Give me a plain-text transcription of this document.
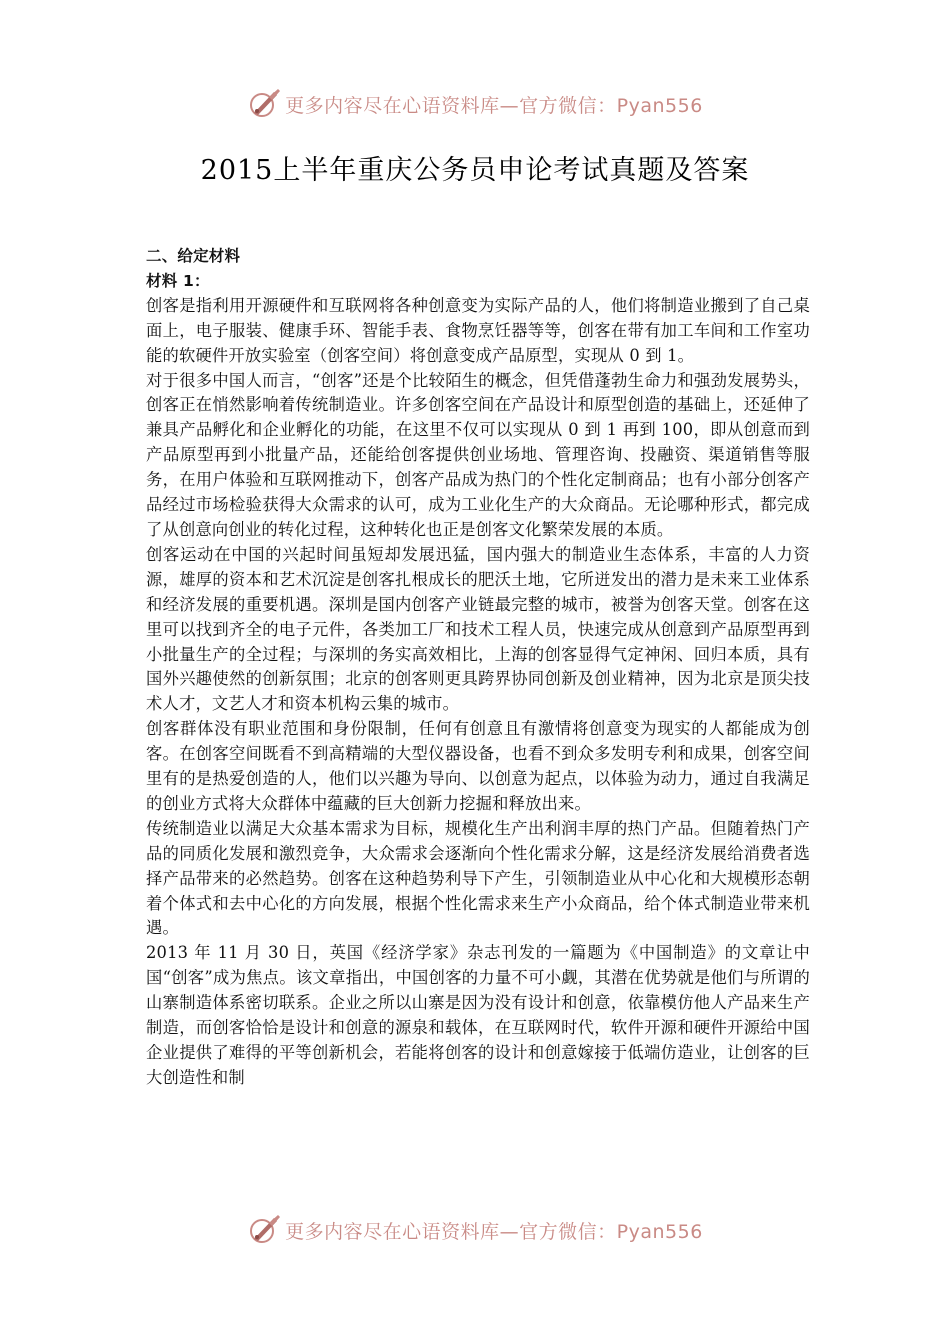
更多内容尽在心语资料库—官方微信：Pyan556
2015上半年重庆公务员申论考试真题及答案

二、给定材料

材料 1：

创客是指利用开源硬件和互联网将各种创意变为实际产品的人，他们将制造业搬到了自己桌面上，电子服装、健康手环、智能手表、食物烹饪器等等，创客在带有加工车间和工作室功能的软硬件开放实验室（创客空间）将创意变成产品原型，实现从 0 到 1。

对于很多中国人而言，“创客”还是个比较陌生的概念，但凭借蓬勃生命力和强劲发展势头，创客正在悄然影响着传统制造业。许多创客空间在产品设计和原型创造的基础上，还延伸了兼具产品孵化和企业孵化的功能，在这里不仅可以实现从 0 到 1 再到 100，即从创意而到产品原型再到小批量产品，还能给创客提供创业场地、管理咨询、投融资、渠道销售等服务，在用户体验和互联网推动下，创客产品成为热门的个性化定制商品；也有小部分创客产品经过市场检验获得大众需求的认可，成为工业化生产的大众商品。无论哪种形式，都完成了从创意向创业的转化过程，这种转化也正是创客文化繁荣发展的本质。

创客运动在中国的兴起时间虽短却发展迅猛，国内强大的制造业生态体系，丰富的人力资源，雄厚的资本和艺术沉淀是创客扎根成长的肥沃土地，它所迸发出的潜力是未来工业体系和经济发展的重要机遇。深圳是国内创客产业链最完整的城市，被誉为创客天堂。创客在这里可以找到齐全的电子元件，各类加工厂和技术工程人员，快速完成从创意到产品原型再到小批量生产的全过程；与深圳的务实高效相比，上海的创客显得气定神闲、回归本质，具有国外兴趣使然的创新氛围；北京的创客则更具跨界协同创新及创业精神，因为北京是顶尖技术人才，文艺人才和资本机构云集的城市。

创客群体没有职业范围和身份限制，任何有创意且有激情将创意变为现实的人都能成为创客。在创客空间既看不到高精端的大型仪器设备，也看不到众多发明专利和成果，创客空间里有的是热爱创造的人，他们以兴趣为导向、以创意为起点，以体验为动力，通过自我满足的创业方式将大众群体中蕴藏的巨大创新力挖掘和释放出来。

传统制造业以满足大众基本需求为目标，规模化生产出利润丰厚的热门产品。但随着热门产品的同质化发展和激烈竞争，大众需求会逐渐向个性化需求分解，这是经济发展给消费者选择产品带来的必然趋势。创客在这种趋势利导下产生，引领制造业从中心化和大规模形态朝着个体式和去中心化的方向发展，根据个性化需求来生产小众商品，给个体式制造业带来机遇。

2013 年 11 月 30 日，英国《经济学家》杂志刊发的一篇题为《中国制造》的文章让中国“创客”成为焦点。该文章指出，中国创客的力量不可小觑，其潜在优势就是他们与所谓的山寨制造体系密切联系。企业之所以山寨是因为没有设计和创意，依靠模仿他人产品来生产制造，而创客恰恰是设计和创意的源泉和载体，在互联网时代，软件开源和硬件开源给中国企业提供了难得的平等创新机会，若能将创客的设计和创意嫁接于低端仿造业，让创客的巨大创造性和制

更多内容尽在心语资料库—官方微信：Pyan556
